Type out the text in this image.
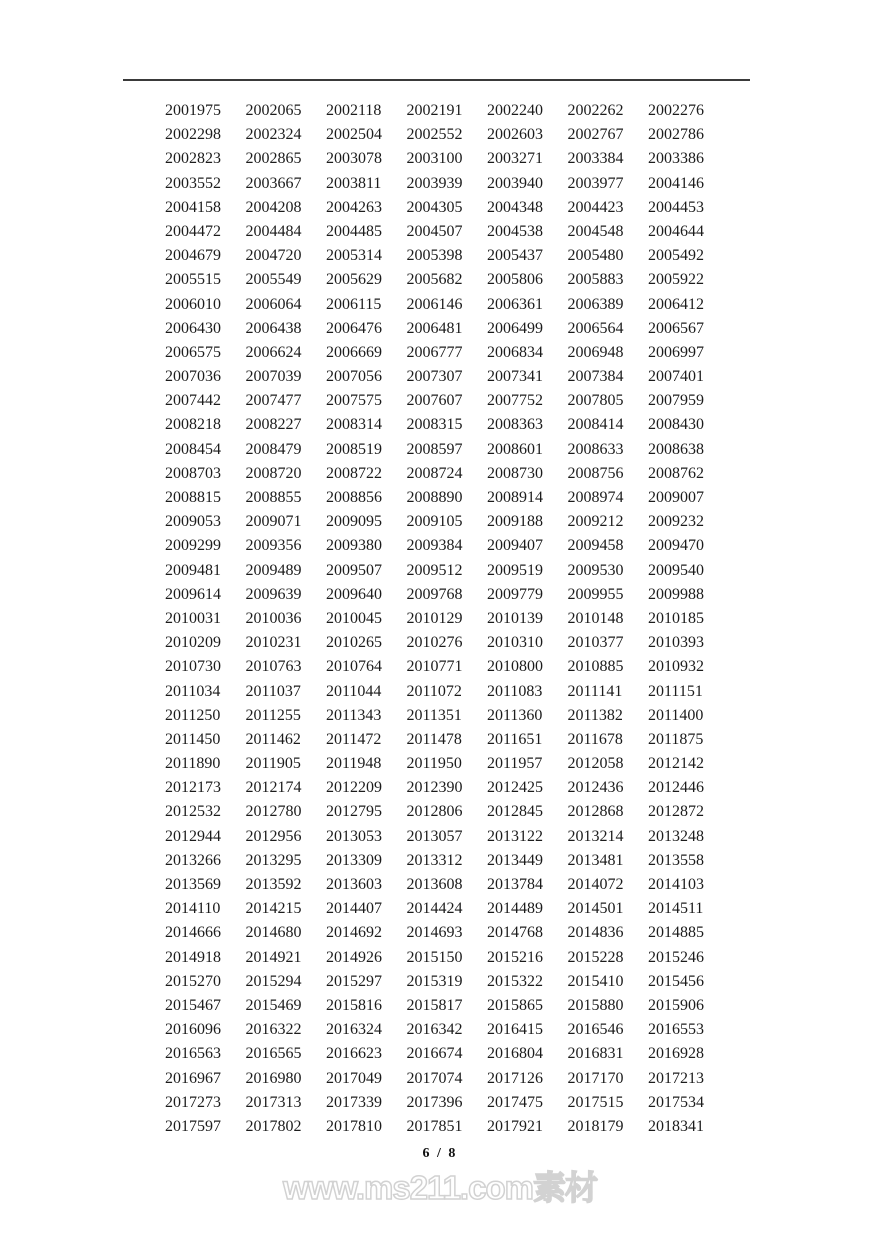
2001975	2002065	2002118	2002191	2002240	2002262	2002276
2002298	2002324	2002504	2002552	2002603	2002767	2002786
2002823	2002865	2003078	2003100	2003271	2003384	2003386
2003552	2003667	2003811	2003939	2003940	2003977	2004146
2004158	2004208	2004263	2004305	2004348	2004423	2004453
2004472	2004484	2004485	2004507	2004538	2004548	2004644
2004679	2004720	2005314	2005398	2005437	2005480	2005492
2005515	2005549	2005629	2005682	2005806	2005883	2005922
2006010	2006064	2006115	2006146	2006361	2006389	2006412
2006430	2006438	2006476	2006481	2006499	2006564	2006567
2006575	2006624	2006669	2006777	2006834	2006948	2006997
2007036	2007039	2007056	2007307	2007341	2007384	2007401
2007442	2007477	2007575	2007607	2007752	2007805	2007959
2008218	2008227	2008314	2008315	2008363	2008414	2008430
2008454	2008479	2008519	2008597	2008601	2008633	2008638
2008703	2008720	2008722	2008724	2008730	2008756	2008762
2008815	2008855	2008856	2008890	2008914	2008974	2009007
2009053	2009071	2009095	2009105	2009188	2009212	2009232
2009299	2009356	2009380	2009384	2009407	2009458	2009470
2009481	2009489	2009507	2009512	2009519	2009530	2009540
2009614	2009639	2009640	2009768	2009779	2009955	2009988
2010031	2010036	2010045	2010129	2010139	2010148	2010185
2010209	2010231	2010265	2010276	2010310	2010377	2010393
2010730	2010763	2010764	2010771	2010800	2010885	2010932
2011034	2011037	2011044	2011072	2011083	2011141	2011151
2011250	2011255	2011343	2011351	2011360	2011382	2011400
2011450	2011462	2011472	2011478	2011651	2011678	2011875
2011890	2011905	2011948	2011950	2011957	2012058	2012142
2012173	2012174	2012209	2012390	2012425	2012436	2012446
2012532	2012780	2012795	2012806	2012845	2012868	2012872
2012944	2012956	2013053	2013057	2013122	2013214	2013248
2013266	2013295	2013309	2013312	2013449	2013481	2013558
2013569	2013592	2013603	2013608	2013784	2014072	2014103
2014110	2014215	2014407	2014424	2014489	2014501	2014511
2014666	2014680	2014692	2014693	2014768	2014836	2014885
2014918	2014921	2014926	2015150	2015216	2015228	2015246
2015270	2015294	2015297	2015319	2015322	2015410	2015456
2015467	2015469	2015816	2015817	2015865	2015880	2015906
2016096	2016322	2016324	2016342	2016415	2016546	2016553
2016563	2016565	2016623	2016674	2016804	2016831	2016928
2016967	2016980	2017049	2017074	2017126	2017170	2017213
2017273	2017313	2017339	2017396	2017475	2017515	2017534
2017597	2017802	2017810	2017851	2017921	2018179	2018341
6 / 8
www.ms211.com素材
